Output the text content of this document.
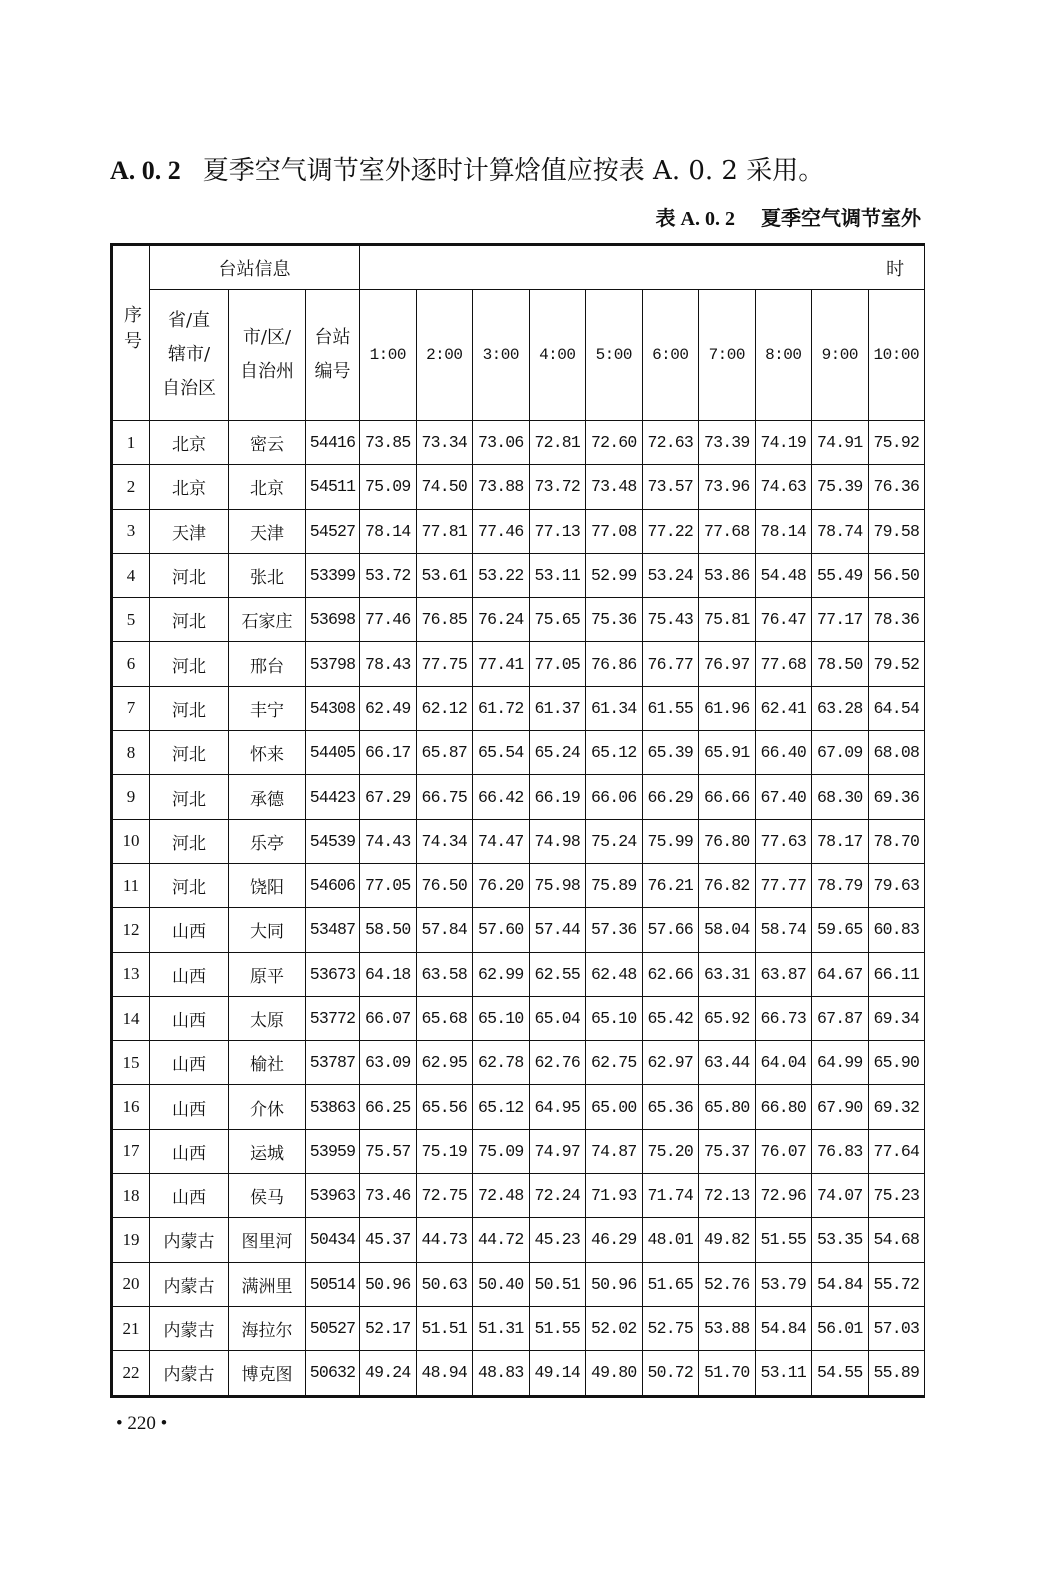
A. 0. 2 夏季空气调节室外逐时计算焓值应按表 A. 0. 2 采用。
表 A. 0. 2 夏季空气调节室外
序号	台站信息			时									

	省/直辖市/自治区	市/区/自治州	台站编号	1:00	2:00	3:00	4:00	5:00	6:00	7:00	8:00	9:00	10:00
1	北京	密云	54416	73.85	73.34	73.06	72.81	72.60	72.63	73.39	74.19	74.91	75.92
2	北京	北京	54511	75.09	74.50	73.88	73.72	73.48	73.57	73.96	74.63	75.39	76.36
3	天津	天津	54527	78.14	77.81	77.46	77.13	77.08	77.22	77.68	78.14	78.74	79.58
4	河北	张北	53399	53.72	53.61	53.22	53.11	52.99	53.24	53.86	54.48	55.49	56.50
5	河北	石家庄	53698	77.46	76.85	76.24	75.65	75.36	75.43	75.81	76.47	77.17	78.36
6	河北	邢台	53798	78.43	77.75	77.41	77.05	76.86	76.77	76.97	77.68	78.50	79.52
7	河北	丰宁	54308	62.49	62.12	61.72	61.37	61.34	61.55	61.96	62.41	63.28	64.54
8	河北	怀来	54405	66.17	65.87	65.54	65.24	65.12	65.39	65.91	66.40	67.09	68.08
9	河北	承德	54423	67.29	66.75	66.42	66.19	66.06	66.29	66.66	67.40	68.30	69.36
10	河北	乐亭	54539	74.43	74.34	74.47	74.98	75.24	75.99	76.80	77.63	78.17	78.70
11	河北	饶阳	54606	77.05	76.50	76.20	75.98	75.89	76.21	76.82	77.77	78.79	79.63
12	山西	大同	53487	58.50	57.84	57.60	57.44	57.36	57.66	58.04	58.74	59.65	60.83
13	山西	原平	53673	64.18	63.58	62.99	62.55	62.48	62.66	63.31	63.87	64.67	66.11
14	山西	太原	53772	66.07	65.68	65.10	65.04	65.10	65.42	65.92	66.73	67.87	69.34
15	山西	榆社	53787	63.09	62.95	62.78	62.76	62.75	62.97	63.44	64.04	64.99	65.90
16	山西	介休	53863	66.25	65.56	65.12	64.95	65.00	65.36	65.80	66.80	67.90	69.32
17	山西	运城	53959	75.57	75.19	75.09	74.97	74.87	75.20	75.37	76.07	76.83	77.64
18	山西	侯马	53963	73.46	72.75	72.48	72.24	71.93	71.74	72.13	72.96	74.07	75.23
19	内蒙古	图里河	50434	45.37	44.73	44.72	45.23	46.29	48.01	49.82	51.55	53.35	54.68
20	内蒙古	满洲里	50514	50.96	50.63	50.40	50.51	50.96	51.65	52.76	53.79	54.84	55.72
21	内蒙古	海拉尔	50527	52.17	51.51	51.31	51.55	52.02	52.75	53.88	54.84	56.01	57.03
22	内蒙古	博克图	50632	49.24	48.94	48.83	49.14	49.80	50.72	51.70	53.11	54.55	55.89
• 220 •
